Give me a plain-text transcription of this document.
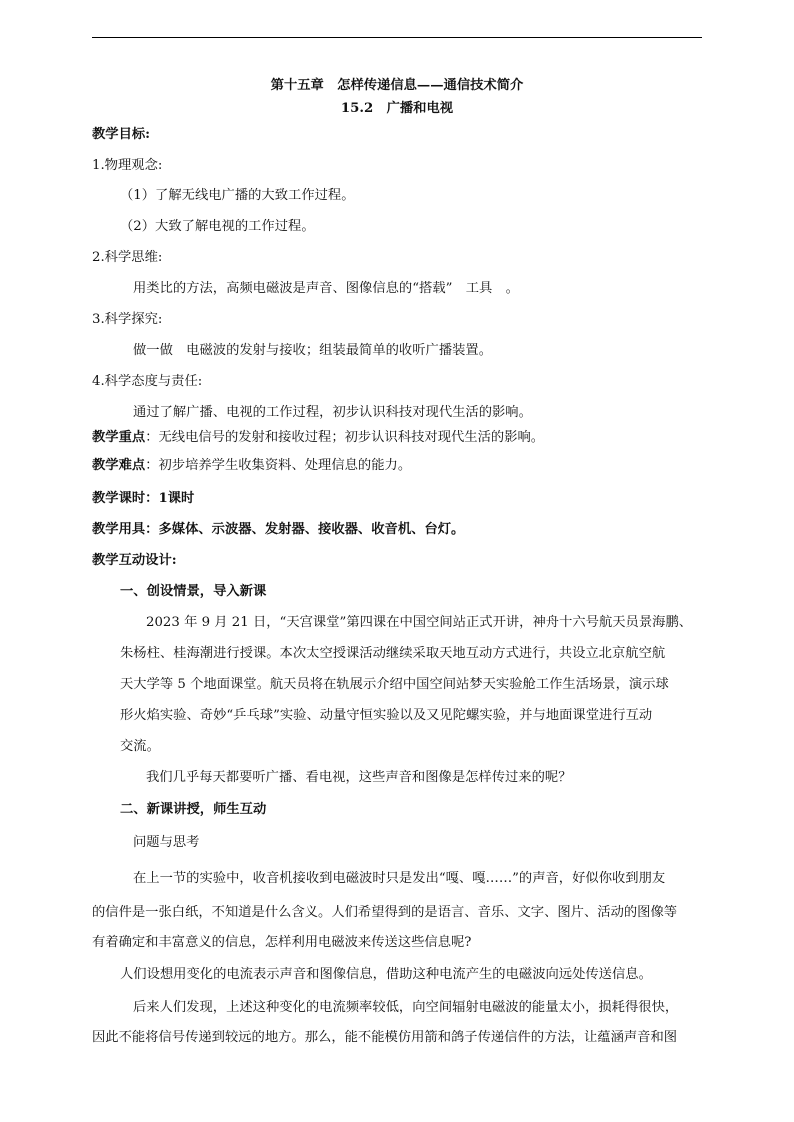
第十五章　怎样传递信息——通信技术简介
15.2　广播和电视
教学目标:
1.物理观念:
（1）了解无线电广播的大致工作过程。
（2）大致了解电视的工作过程。
2.科学思维:
用类比的方法，高频电磁波是声音、图像信息的“搭载”　工具　。
3.科学探究:
做一做　电磁波的发射与接收；组装最简单的收听广播装置。
4.科学态度与责任:
通过了解广播、电视的工作过程，初步认识科技对现代生活的影响。
教学重点：无线电信号的发射和接收过程；初步认识科技对现代生活的影响。
教学难点：初步培养学生收集资料、处理信息的能力。
教学课时：1课时
教学用具：多媒体、示波器、发射器、接收器、收音机、台灯。
教学互动设计:
一、创设情景，导入新课
2023 年 9 月 21 日，“天宫课堂”第四课在中国空间站正式开讲，神舟十六号航天员景海鹏、
朱杨柱、桂海潮进行授课。本次太空授课活动继续采取天地互动方式进行，共设立北京航空航
天大学等 5 个地面课堂。航天员将在轨展示介绍中国空间站梦天实验舱工作生活场景，演示球
形火焰实验、奇妙“乒乓球”实验、动量守恒实验以及又见陀螺实验，并与地面课堂进行互动
交流。
我们几乎每天都要听广播、看电视，这些声音和图像是怎样传过来的呢？
二、新课讲授，师生互动
问题与思考
在上一节的实验中，收音机接收到电磁波时只是发出“嘎、嘎……”的声音，好似你收到朋友
的信件是一张白纸，不知道是什么含义。人们希望得到的是语言、音乐、文字、图片、活动的图像等
有着确定和丰富意义的信息，怎样利用电磁波来传送这些信息呢?
人们设想用变化的电流表示声音和图像信息，借助这种电流产生的电磁波向远处传送信息。
后来人们发现，上述这种变化的电流频率较低，向空间辐射电磁波的能量太小，损耗得很快，
因此不能将信号传递到较远的地方。那么，能不能模仿用箭和鸽子传递信件的方法，让蕴涵声音和图
